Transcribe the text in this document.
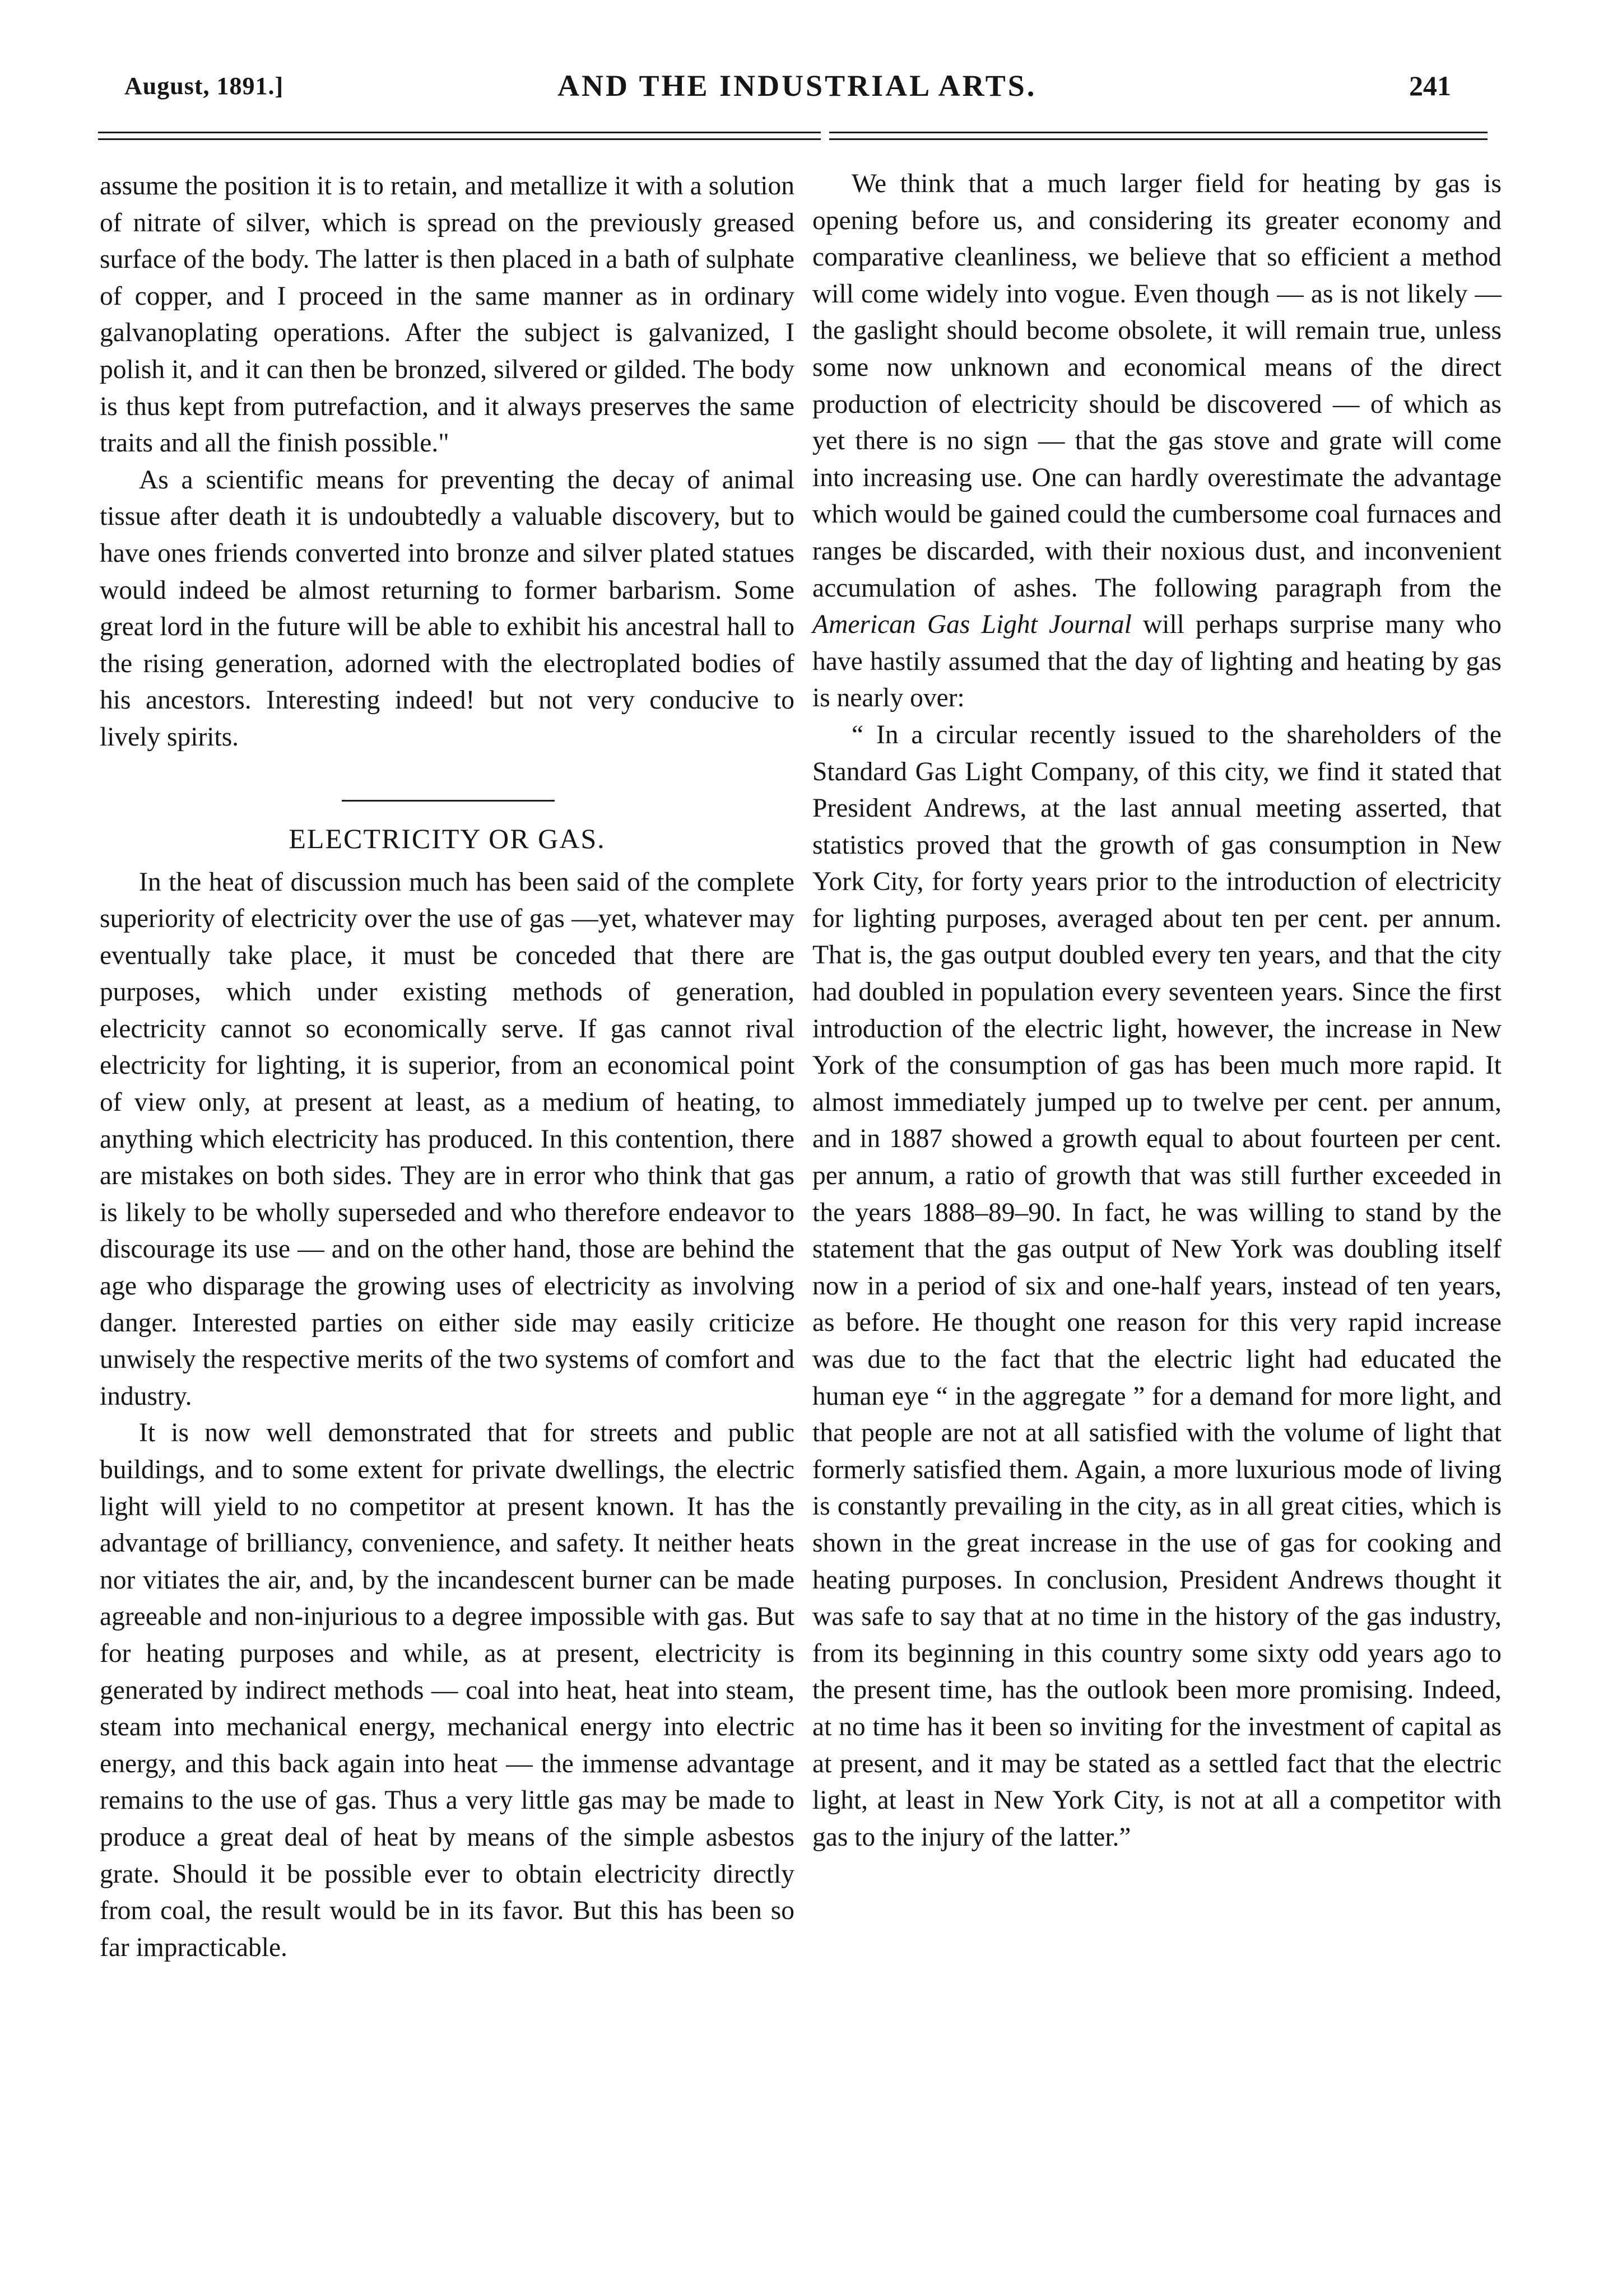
August, 1891.]	AND THE INDUSTRIAL ARTS.	241

assume the position it is to retain, and metallize it with a solution of nitrate of silver, which is spread on the previously greased surface of the body. The latter is then placed in a bath of sulphate of copper, and I proceed in the same manner as in ordinary galvanoplating operations. After the subject is galvanized, I polish it, and it can then be bronzed, silvered or gilded. The body is thus kept from putrefaction, and it always preserves the same traits and all the finish possible."

As a scientific means for preventing the decay of animal tissue after death it is undoubtedly a valuable discovery, but to have ones friends converted into bronze and silver plated statues would indeed be almost returning to former barbarism. Some great lord in the future will be able to exhibit his ancestral hall to the rising generation, adorned with the electroplated bodies of his ancestors. Interesting indeed! but not very conducive to lively spirits.

ELECTRICITY OR GAS.

In the heat of discussion much has been said of the complete superiority of electricity over the use of gas —yet, whatever may eventually take place, it must be conceded that there are purposes, which under existing methods of generation, electricity cannot so economically serve. If gas cannot rival electricity for lighting, it is superior, from an economical point of view only, at present at least, as a medium of heating, to anything which electricity has produced. In this contention, there are mistakes on both sides. They are in error who think that gas is likely to be wholly superseded and who therefore endeavor to discourage its use — and on the other hand, those are behind the age who disparage the growing uses of electricity as involving danger. Interested parties on either side may easily criticize unwisely the respective merits of the two systems of comfort and industry.

It is now well demonstrated that for streets and public buildings, and to some extent for private dwellings, the electric light will yield to no competitor at present known. It has the advantage of brilliancy, convenience, and safety. It neither heats nor vitiates the air, and, by the incandescent burner can be made agreeable and non-injurious to a degree impossible with gas. But for heating purposes and while, as at present, electricity is generated by indirect methods — coal into heat, heat into steam, steam into mechanical energy, mechanical energy into electric energy, and this back again into heat — the immense advantage remains to the use of gas. Thus a very little gas may be made to produce a great deal of heat by means of the simple asbestos grate. Should it be possible ever to obtain electricity directly from coal, the result would be in its favor. But this has been so far impracticable.

We think that a much larger field for heating by gas is opening before us, and considering its greater economy and comparative cleanliness, we believe that so efficient a method will come widely into vogue. Even though — as is not likely — the gaslight should become obsolete, it will remain true, unless some now unknown and economical means of the direct production of electricity should be discovered — of which as yet there is no sign — that the gas stove and grate will come into increasing use. One can hardly overestimate the advantage which would be gained could the cumbersome coal furnaces and ranges be discarded, with their noxious dust, and inconvenient accumulation of ashes. The following paragraph from the American Gas Light Journal will perhaps surprise many who have hastily assumed that the day of lighting and heating by gas is nearly over:

“ In a circular recently issued to the shareholders of the Standard Gas Light Company, of this city, we find it stated that President Andrews, at the last annual meeting asserted, that statistics proved that the growth of gas consumption in New York City, for forty years prior to the introduction of electricity for lighting purposes, averaged about ten per cent. per annum. That is, the gas output doubled every ten years, and that the city had doubled in population every seventeen years. Since the first introduction of the electric light, however, the increase in New York of the consumption of gas has been much more rapid. It almost immediately jumped up to twelve per cent. per annum, and in 1887 showed a growth equal to about fourteen per cent. per annum, a ratio of growth that was still further exceeded in the years 1888–89–90. In fact, he was willing to stand by the statement that the gas output of New York was doubling itself now in a period of six and one-half years, instead of ten years, as before. He thought one reason for this very rapid increase was due to the fact that the electric light had educated the human eye “ in the aggregate ” for a demand for more light, and that people are not at all satisfied with the volume of light that formerly satisfied them. Again, a more luxurious mode of living is constantly prevailing in the city, as in all great cities, which is shown in the great increase in the use of gas for cooking and heating purposes. In conclusion, President Andrews thought it was safe to say that at no time in the history of the gas industry, from its beginning in this country some sixty odd years ago to the present time, has the outlook been more promising. Indeed, at no time has it been so inviting for the investment of capital as at present, and it may be stated as a settled fact that the electric light, at least in New York City, is not at all a competitor with gas to the injury of the latter.”
